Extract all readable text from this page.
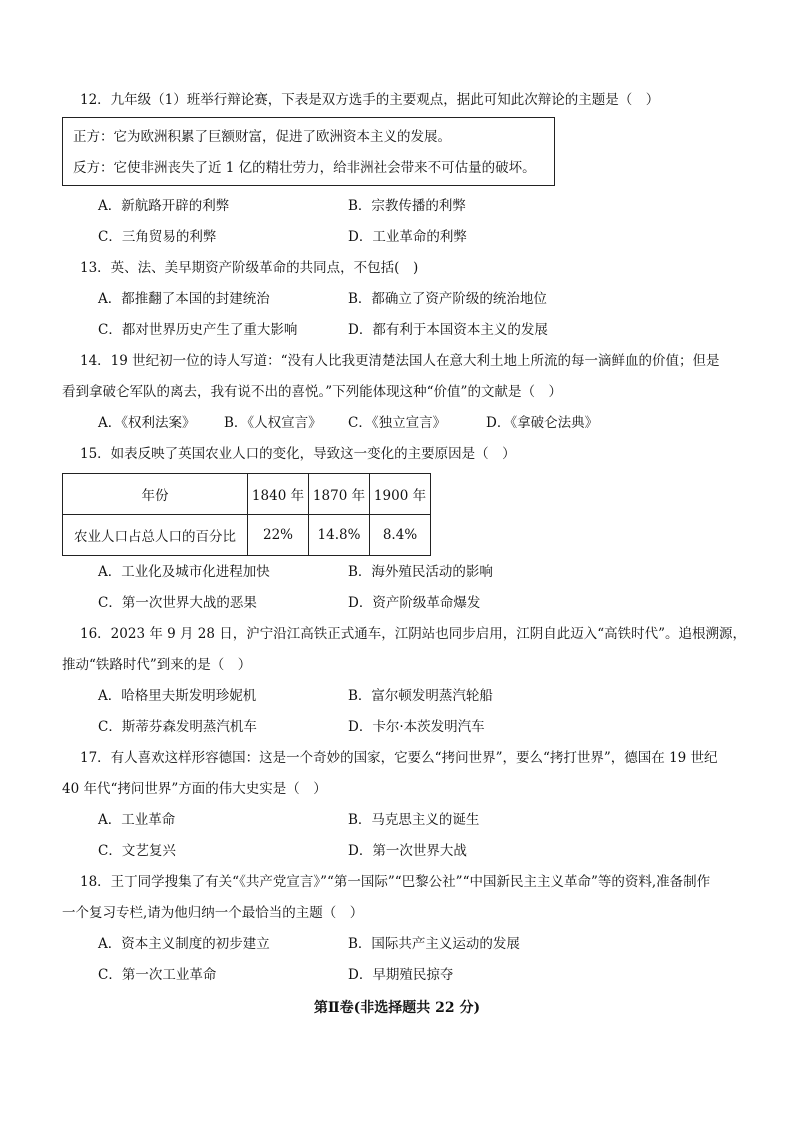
12．九年级（1）班举行辩论赛，下表是双方选手的主要观点，据此可知此次辩论的主题是（　）
正方：它为欧洲积累了巨额财富，促进了欧洲资本主义的发展。
反方：它使非洲丧失了近 1 亿的精壮劳力，给非洲社会带来不可估量的破坏。
A．新航路开辟的利弊	B．宗教传播的利弊
C．三角贸易的利弊	D．工业革命的利弊
13．英、法、美早期资产阶级革命的共同点，不包括(　)
A．都推翻了本国的封建统治	B．都确立了资产阶级的统治地位
C．都对世界历史产生了重大影响	D．都有利于本国资本主义的发展
14．19 世纪初一位的诗人写道：“没有人比我更清楚法国人在意大利土地上所流的每一滴鲜血的价值；但是
看到拿破仑军队的离去，我有说不出的喜悦。”下列能体现这种“价值”的文献是（　）
A．《权利法案》 B．《人权宣言》 C．《独立宣言》	D．《拿破仑法典》
15．如表反映了英国农业人口的变化，导致这一变化的主要原因是（　）
年份	1840 年	1870 年	1900 年
农业人口占总人口的百分比	22%	14.8%	8.4%
A．工业化及城市化进程加快	B．海外殖民活动的影响
C．第一次世界大战的恶果	D．资产阶级革命爆发
16．2023 年 9 月 28 日，沪宁沿江高铁正式通车，江阴站也同步启用，江阴自此迈入“高铁时代”。追根溯源，
推动“铁路时代”到来的是（　）
A．哈格里夫斯发明珍妮机	B．富尔顿发明蒸汽轮船
C．斯蒂芬森发明蒸汽机车	D．卡尔·本茨发明汽车
17．有人喜欢这样形容德国：这是一个奇妙的国家，它要么“拷问世界”，要么“拷打世界”，德国在 19 世纪
40 年代“拷问世界”方面的伟大史实是（　）
A．工业革命	B．马克思主义的诞生
C．文艺复兴	D．第一次世界大战
18．王丁同学搜集了有关“《共产党宣言》”“第一国际”“巴黎公社”“中国新民主主义革命”等的资料,准备制作
一个复习专栏,请为他归纳一个最恰当的主题（　）
A．资本主义制度的初步建立	B．国际共产主义运动的发展
C．第一次工业革命	D．早期殖民掠夺
第Ⅱ卷(非选择题共 22 分)
